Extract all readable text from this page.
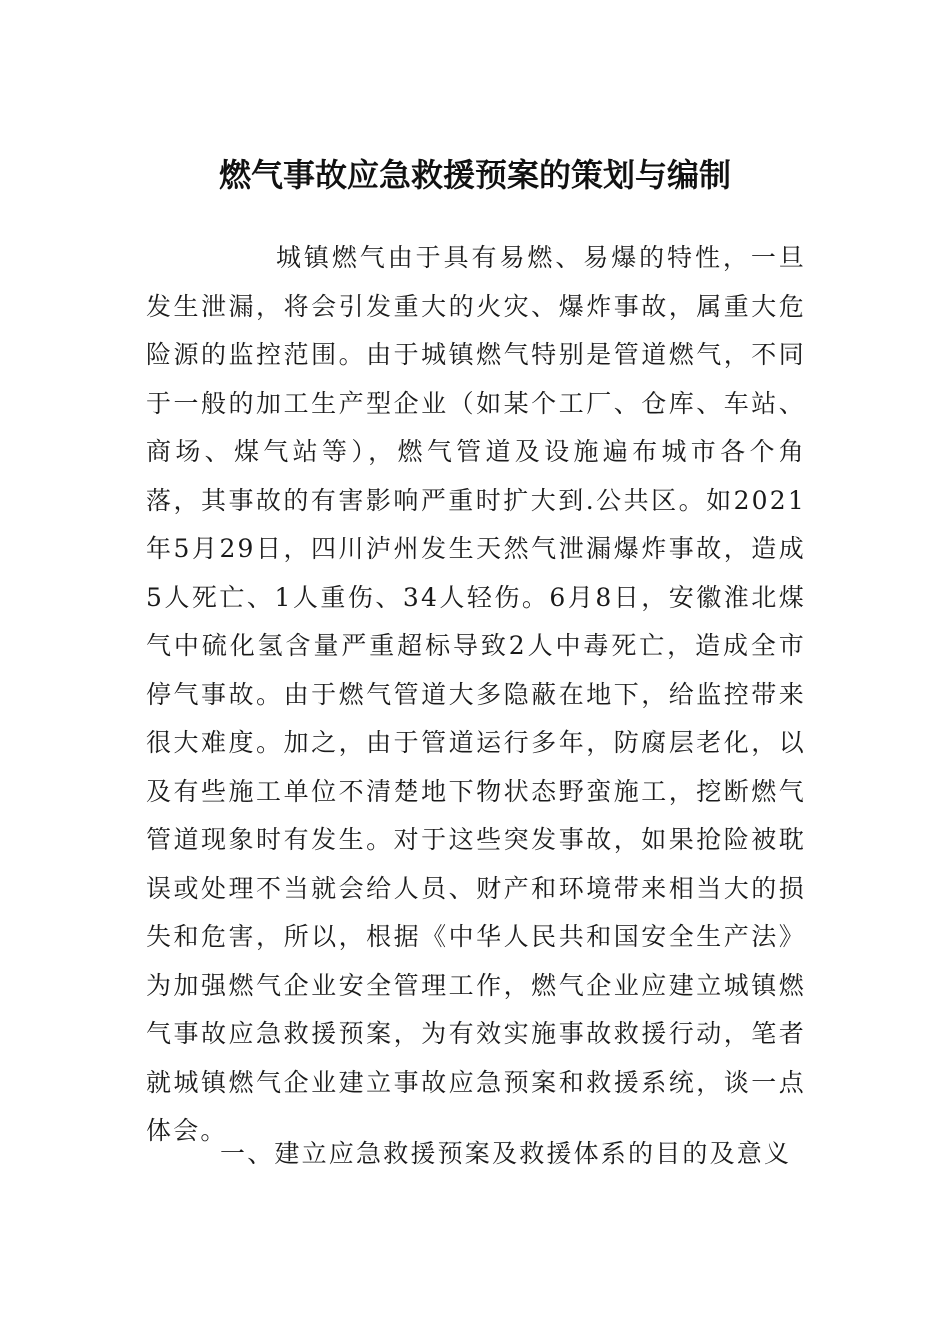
燃气事故应急救援预案的策划与编制

城镇燃气由于具有易燃、易爆的特性，一旦发生泄漏，将会引发重大的火灾、爆炸事故，属重大危险源的监控范围。由于城镇燃气特别是管道燃气，不同于一般的加工生产型企业（如某个工厂、仓库、车站、商场、煤气站等），燃气管道及设施遍布城市各个角落，其事故的有害影响严重时扩大到.公共区。如2021年5月29日，四川泸州发生天然气泄漏爆炸事故，造成5人死亡、1人重伤、34人轻伤。6月8日，安徽淮北煤气中硫化氢含量严重超标导致2人中毒死亡，造成全市停气事故。由于燃气管道大多隐蔽在地下，给监控带来很大难度。加之，由于管道运行多年，防腐层老化，以及有些施工单位不清楚地下物状态野蛮施工，挖断燃气管道现象时有发生。对于这些突发事故，如果抢险被耽误或处理不当就会给人员、财产和环境带来相当大的损失和危害，所以，根据《中华人民共和国安全生产法》为加强燃气企业安全管理工作，燃气企业应建立城镇燃气事故应急救援预案，为有效实施事故救援行动，笔者就城镇燃气企业建立事故应急预案和救援系统，谈一点体会。

一、建立应急救援预案及救援体系的目的及意义
